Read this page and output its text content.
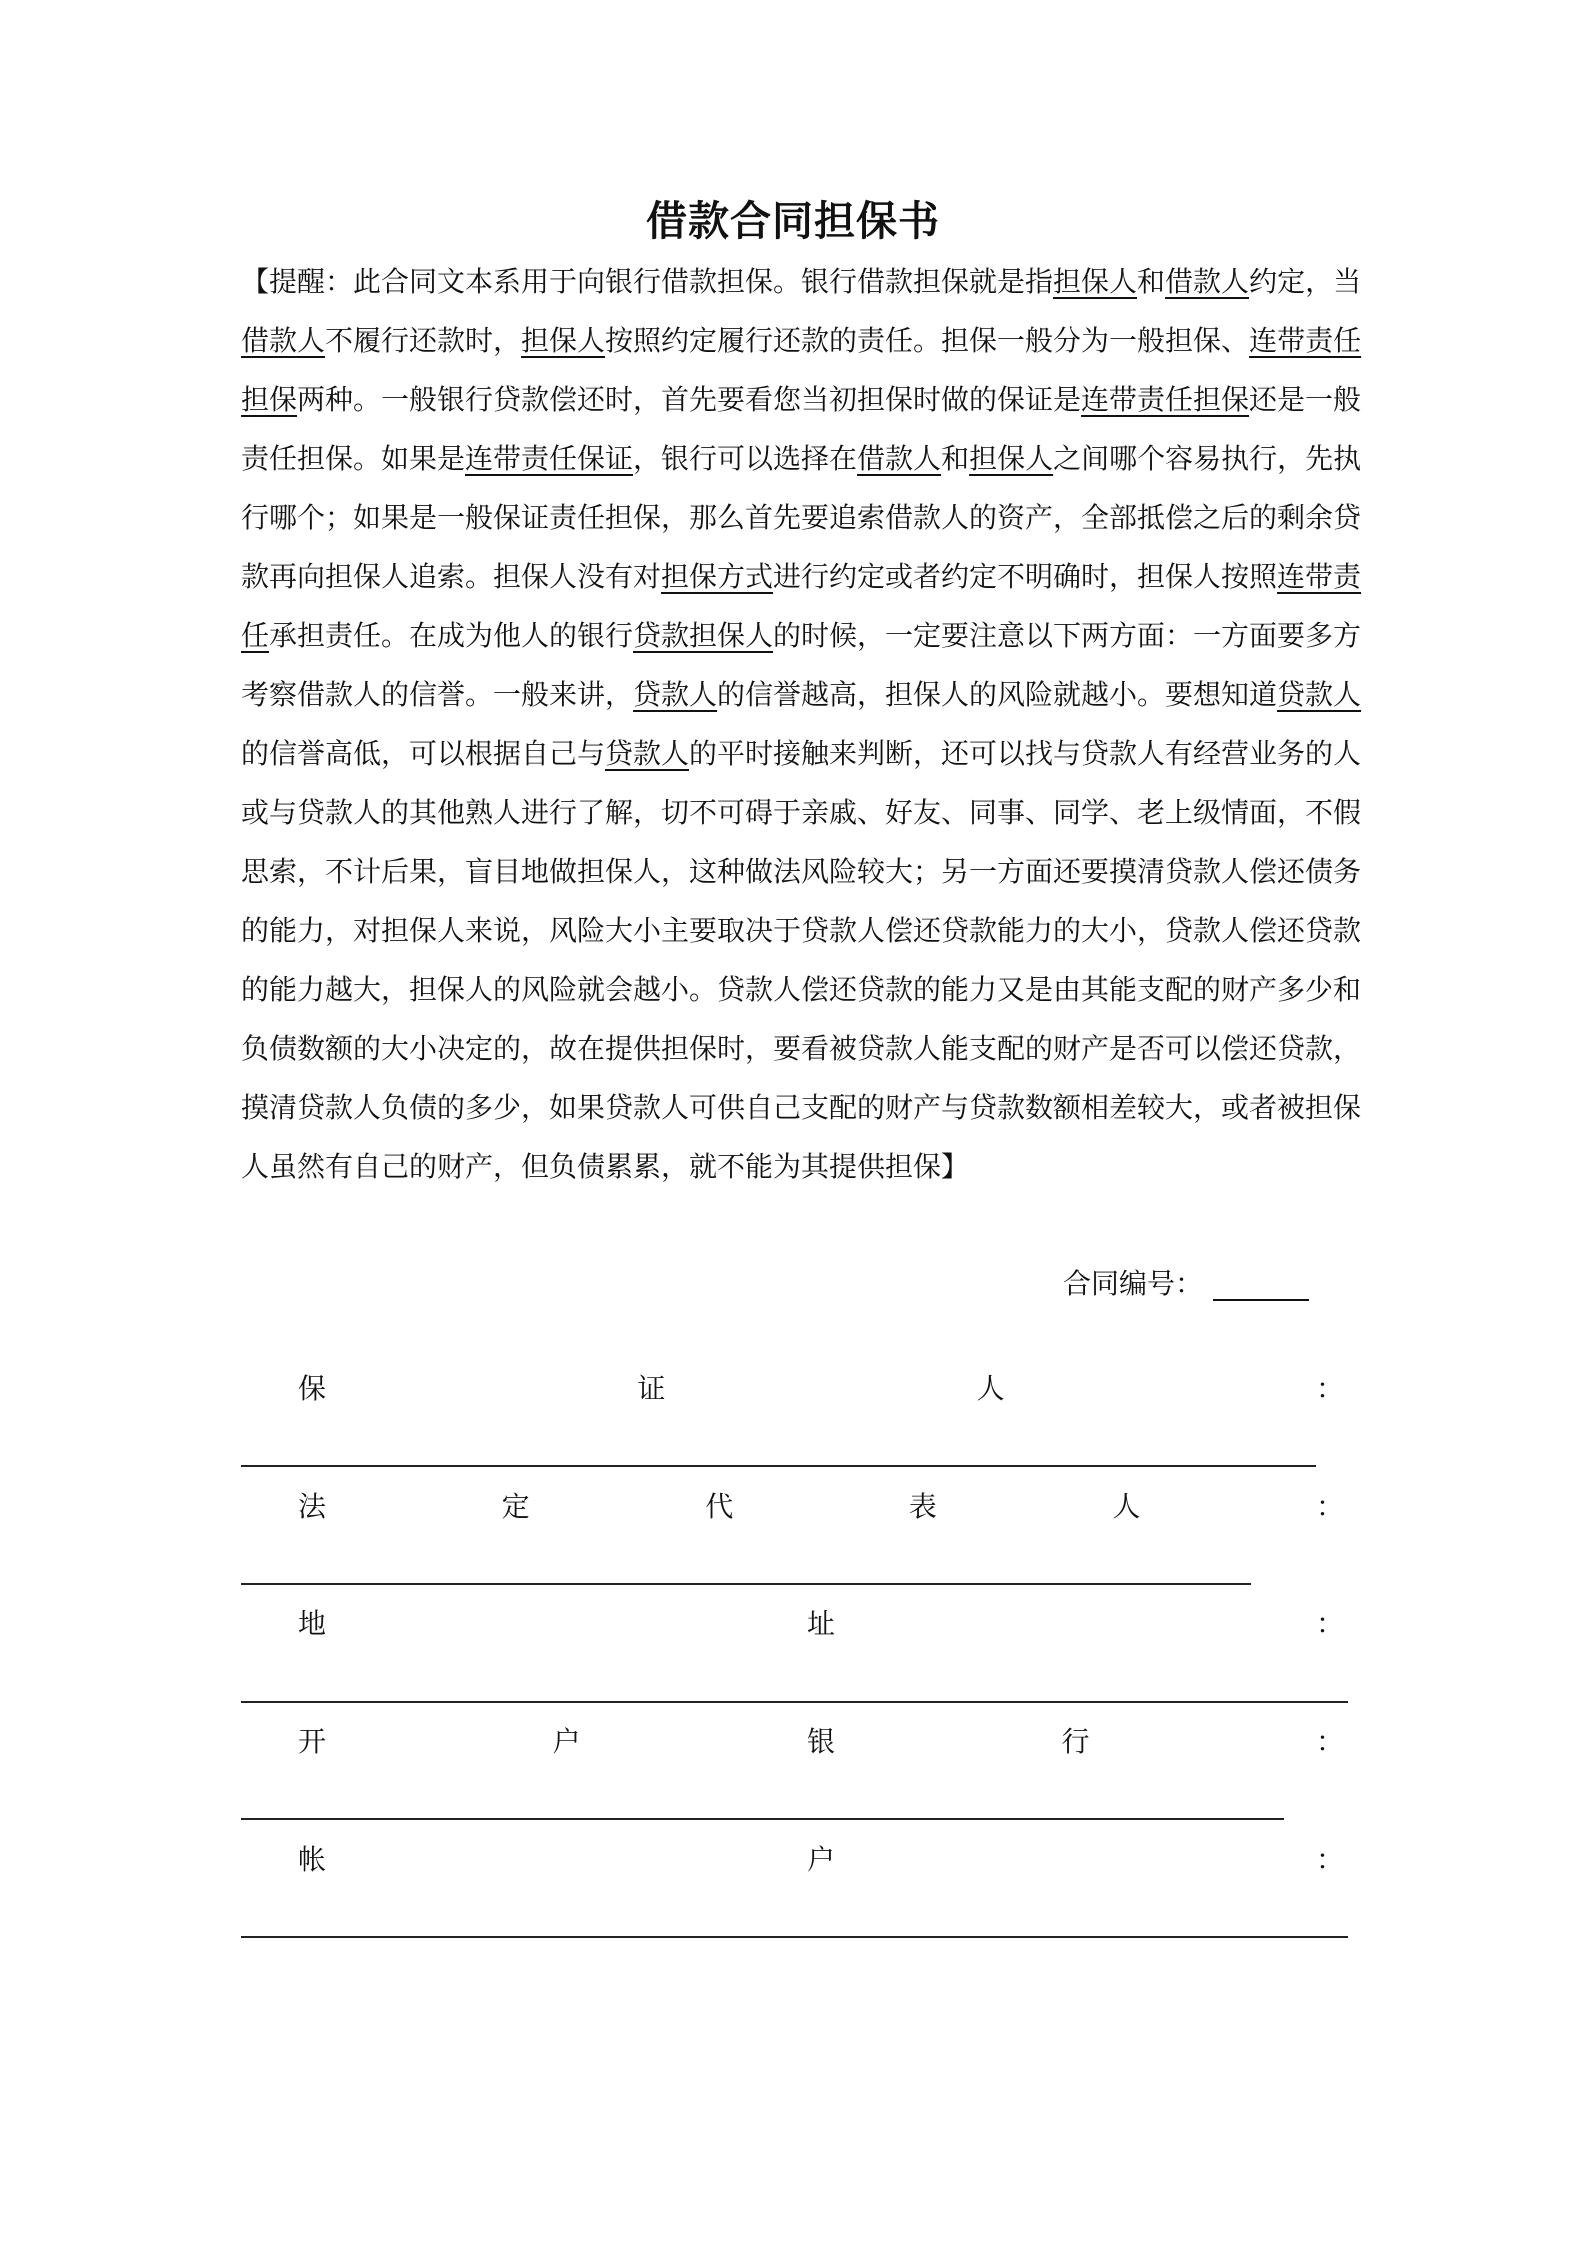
借款合同担保书
【提醒：此合同文本系用于向银行借款担保。银行借款担保就是指担保人和借款人约定，当
借款人不履行还款时，担保人按照约定履行还款的责任。担保一般分为一般担保、连带责任
担保两种。一般银行贷款偿还时，首先要看您当初担保时做的保证是连带责任担保还是一般
责任担保。如果是连带责任保证，银行可以选择在借款人和担保人之间哪个容易执行，先执
行哪个；如果是一般保证责任担保，那么首先要追索借款人的资产，全部抵偿之后的剩余贷
款再向担保人追索。担保人没有对担保方式进行约定或者约定不明确时，担保人按照连带责
任承担责任。在成为他人的银行贷款担保人的时候，一定要注意以下两方面：一方面要多方
考察借款人的信誉。一般来讲，贷款人的信誉越高，担保人的风险就越小。要想知道贷款人
的信誉高低，可以根据自己与贷款人的平时接触来判断，还可以找与贷款人有经营业务的人
或与贷款人的其他熟人进行了解，切不可碍于亲戚、好友、同事、同学、老上级情面，不假
思索，不计后果，盲目地做担保人，这种做法风险较大；另一方面还要摸清贷款人偿还债务
的能力，对担保人来说，风险大小主要取决于贷款人偿还贷款能力的大小，贷款人偿还贷款
的能力越大，担保人的风险就会越小。贷款人偿还贷款的能力又是由其能支配的财产多少和
负债数额的大小决定的，故在提供担保时，要看被贷款人能支配的财产是否可以偿还贷款，
摸清贷款人负债的多少，如果贷款人可供自己支配的财产与贷款数额相差较大，或者被担保
人虽然有自己的财产，但负债累累，就不能为其提供担保】
合同编号：
保	证	人	：
法	定	代	表	人	：
地	址	：
开	户	银	行	：
帐	户	：
